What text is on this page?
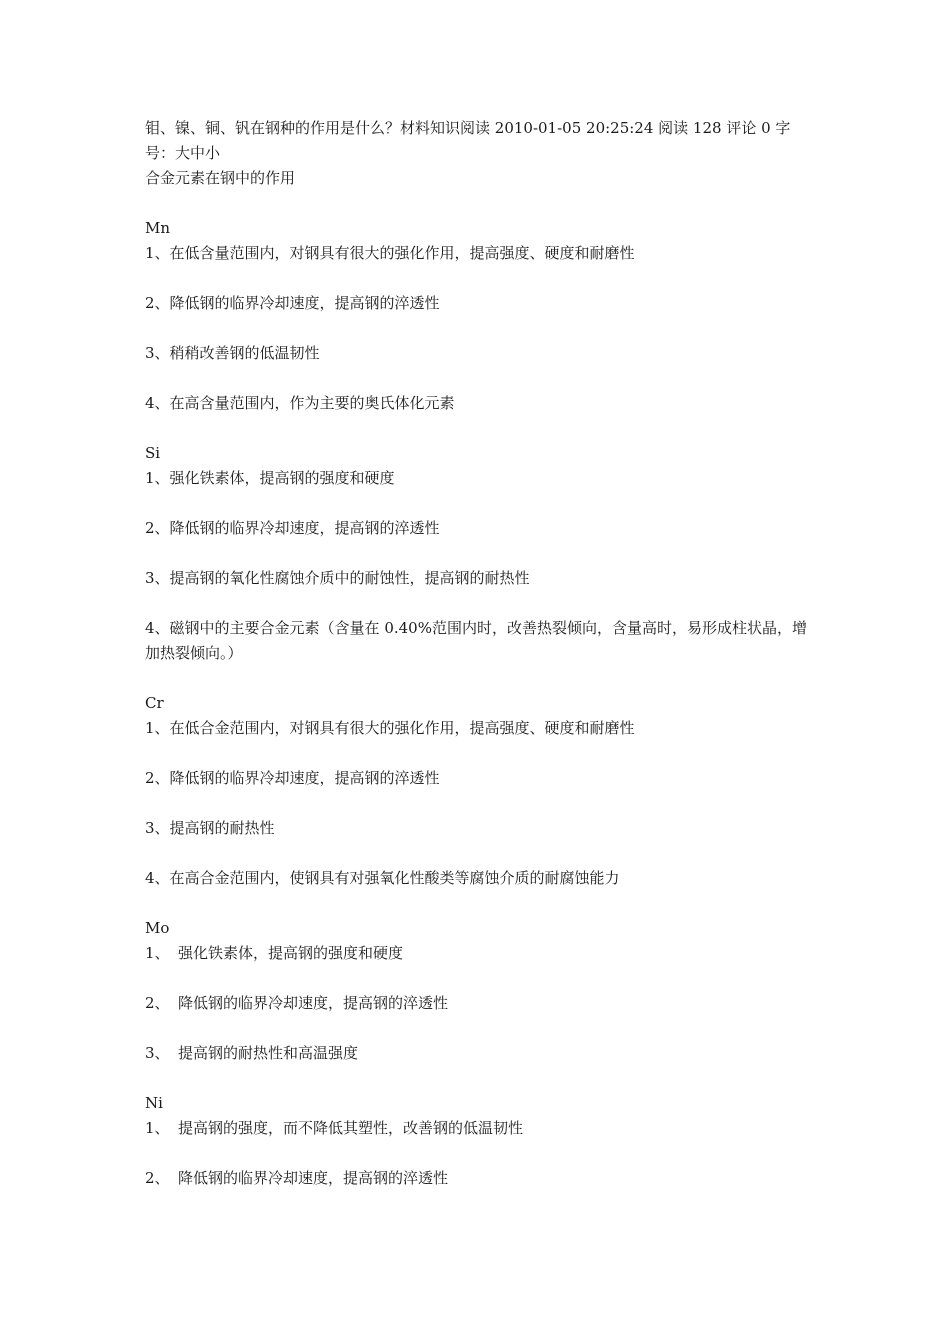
钼、镍、铜、钒在钢种的作用是什么？材料知识阅读 2010-01-05 20:25:24 阅读 128 评论 0 字
号：大中小
合金元素在钢中的作用
Mn
1、在低含量范围内，对钢具有很大的强化作用，提高强度、硬度和耐磨性
2、降低钢的临界冷却速度，提高钢的淬透性
3、稍稍改善钢的低温韧性
4、在高含量范围内，作为主要的奥氏体化元素
Si
1、强化铁素体，提高钢的强度和硬度
2、降低钢的临界冷却速度，提高钢的淬透性
3、提高钢的氧化性腐蚀介质中的耐蚀性，提高钢的耐热性
4、磁钢中的主要合金元素（含量在 0.40%范围内时，改善热裂倾向，含量高时，易形成柱状晶，增加热裂倾向。）
Cr
1、在低合金范围内，对钢具有很大的强化作用，提高强度、硬度和耐磨性
2、降低钢的临界冷却速度，提高钢的淬透性
3、提高钢的耐热性
4、在高合金范围内，使钢具有对强氧化性酸类等腐蚀介质的耐腐蚀能力
Mo
1、 强化铁素体，提高钢的强度和硬度
2、 降低钢的临界冷却速度，提高钢的淬透性
3、 提高钢的耐热性和高温强度
Ni
1、 提高钢的强度，而不降低其塑性，改善钢的低温韧性
2、 降低钢的临界冷却速度，提高钢的淬透性
